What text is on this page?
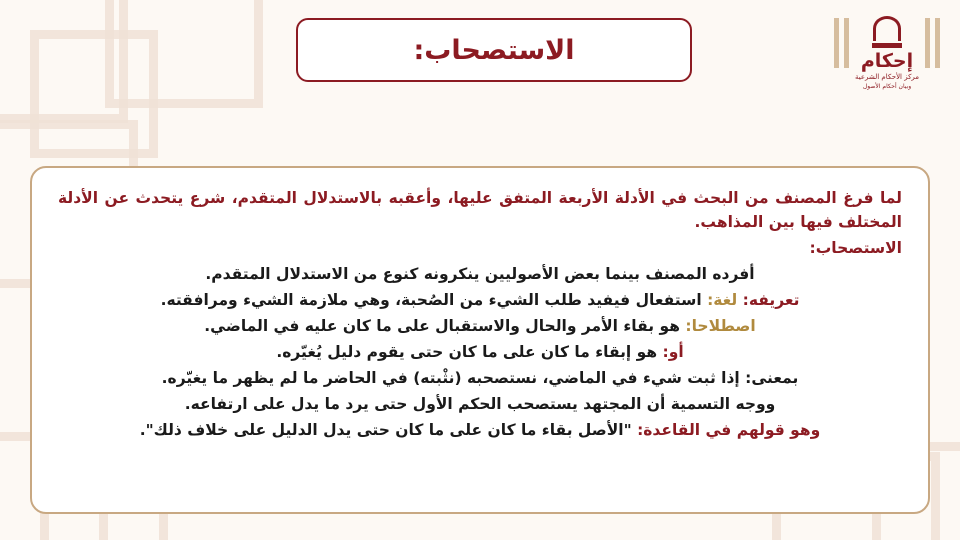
الاستصحاب:	إحكام
مركز الأحكام الشرعية
وبيان أحكام الأصول

لما فرغ المصنف من البحث في الأدلة الأربعة المتفق عليها، وأعقبه بالاستدلال المتقدم، شرع يتحدث عن الأدلة المختلف فيها بين المذاهب.

الاستصحاب:

أفرده المصنف بينما بعض الأصوليين ينكرونه كنوع من الاستدلال المتقدم.

تعريفه: لغة: استفعال فيفيد طلب الشيء من الصُحبة، وهي ملازمة الشيء ومرافقته.

اصطلاحا: هو بقاء الأمر والحال والاستقبال على ما كان عليه في الماضي.

أو: هو إبقاء ما كان على ما كان حتى يقوم دليل يُغيّره.

بمعنى: إذا ثبت شيء في الماضي، نستصحبه (نثْبته) في الحاضر ما لم يظهر ما يغيّره.

ووجه التسمية أن المجتهد يستصحب الحكم الأول حتى يرد ما يدل على ارتفاعه.

وهو قولهم في القاعدة: "الأصل بقاء ما كان على ما كان حتى يدل الدليل على خلاف ذلك".
